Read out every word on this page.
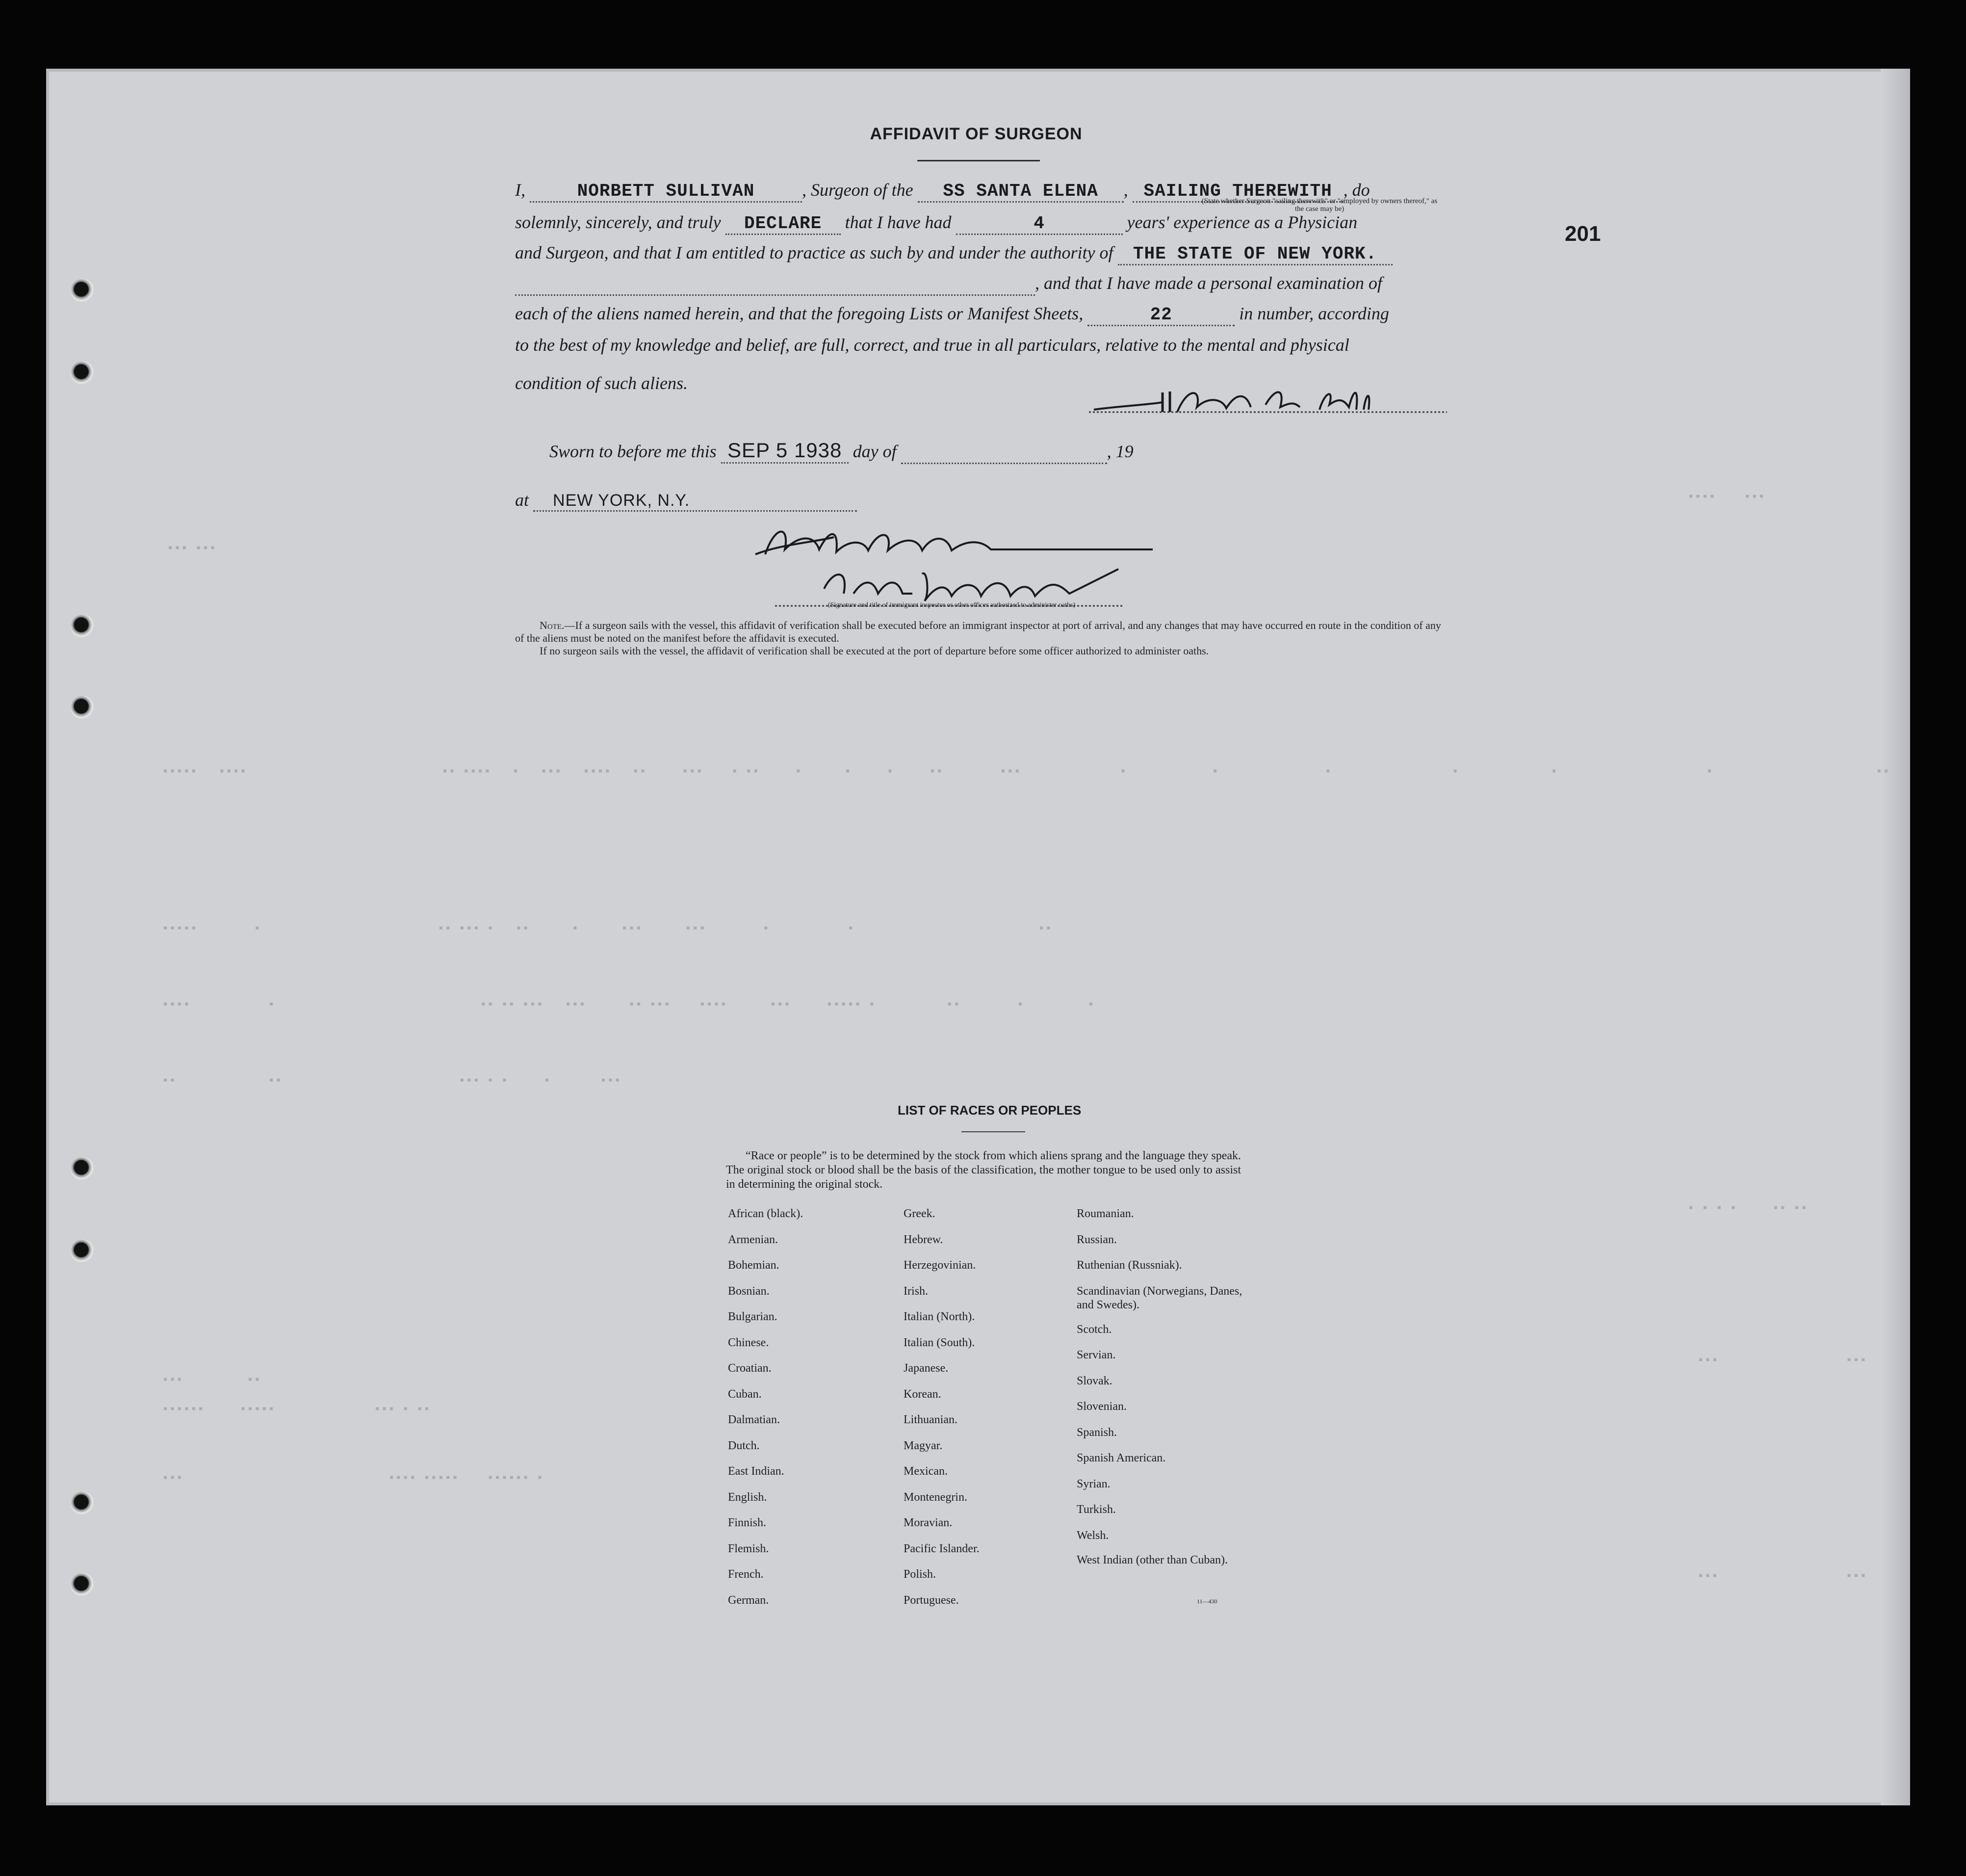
▪▪▪ ▪▪▪
▪▪▪▪▪   ▪▪▪▪	▪▪ ▪▪▪▪   ▪   ▪▪▪   ▪▪▪▪   ▪▪     ▪▪▪    ▪ ▪▪     ▪      ▪     ▪     ▪▪        ▪▪▪              ▪            ▪               ▪                 ▪             ▪                     ▪                       ▪▪
▪▪▪▪▪        ▪                         ▪▪ ▪▪▪ ▪   ▪▪      ▪      ▪▪▪      ▪▪▪        ▪           ▪                          ▪▪
▪▪▪▪           ▪                             ▪▪ ▪▪ ▪▪▪   ▪▪▪      ▪▪ ▪▪▪    ▪▪▪▪      ▪▪▪     ▪▪▪▪▪ ▪          ▪▪        ▪         ▪
▪▪             ▪▪                         ▪▪▪ ▪ ▪     ▪       ▪▪▪
▪▪▪         ▪▪
▪▪▪▪▪▪     ▪▪▪▪▪              ▪▪▪ ▪ ▪▪
▪▪▪                             ▪▪▪▪ ▪▪▪▪▪    ▪▪▪▪▪▪ ▪
▪▪▪▪    ▪▪▪
▪ ▪ ▪ ▪     ▪▪ ▪▪
▪▪▪                  ▪▪▪
▪▪▪                  ▪▪▪
AFFIDAVIT OF SURGEON
201
I,	NORBETT SULLIVAN	, Surgeon of the SS SANTA ELENA , SAILING THEREWITH , do
(State whether Surgeon "sailing therewith" or "employed by owners thereof," as the case may be)
solemnly, sincerely, and truly DECLARE that I have had	4	years' experience as a Physician
and Surgeon, and that I am entitled to practice as such by and under the authority of THE STATE OF NEW YORK.
, and that I have made a personal examination of
each of the aliens named herein, and that the foregoing Lists or Manifest Sheets,	22	in number, according
to the best of my knowledge and belief, are full, correct, and true in all particulars, relative to the mental and physical
condition of such aliens.
Sworn to before me this SEP 5 1938 day of	, 19
at NEW YORK, N.Y.
(Signature and title of immigrant inspector or other officer authorized to administer oaths)
Note.—If a surgeon sails with the vessel, this affidavit of verification shall be executed before an immigrant inspector at port of arrival, and any changes that may have occurred en route in the condition of any of the aliens must be noted on the manifest before the affidavit is executed.
If no surgeon sails with the vessel, the affidavit of verification shall be executed at the port of departure before some officer authorized to administer oaths.
LIST OF RACES OR PEOPLES
“Race or people” is to be determined by the stock from which aliens sprang and the language they speak. The original stock or blood shall be the basis of the classification, the mother tongue to be used only to assist in determining the original stock.
African (black).
Armenian.
Bohemian.
Bosnian.
Bulgarian.
Chinese.
Croatian.
Cuban.
Dalmatian.
Dutch.
East Indian.
English.
Finnish.
Flemish.
French.
German.
Greek.
Hebrew.
Herzegovinian.
Irish.
Italian (North).
Italian (South).
Japanese.
Korean.
Lithuanian.
Magyar.
Mexican.
Montenegrin.
Moravian.
Pacific Islander.
Polish.
Portuguese.
Roumanian.
Russian.
Ruthenian (Russniak).
Scandinavian (Norwegians, Danes, and Swedes).
Scotch.
Servian.
Slovak.
Slovenian.
Spanish.
Spanish American.
Syrian.
Turkish.
Welsh.
West Indian (other than Cuban).
11—430
